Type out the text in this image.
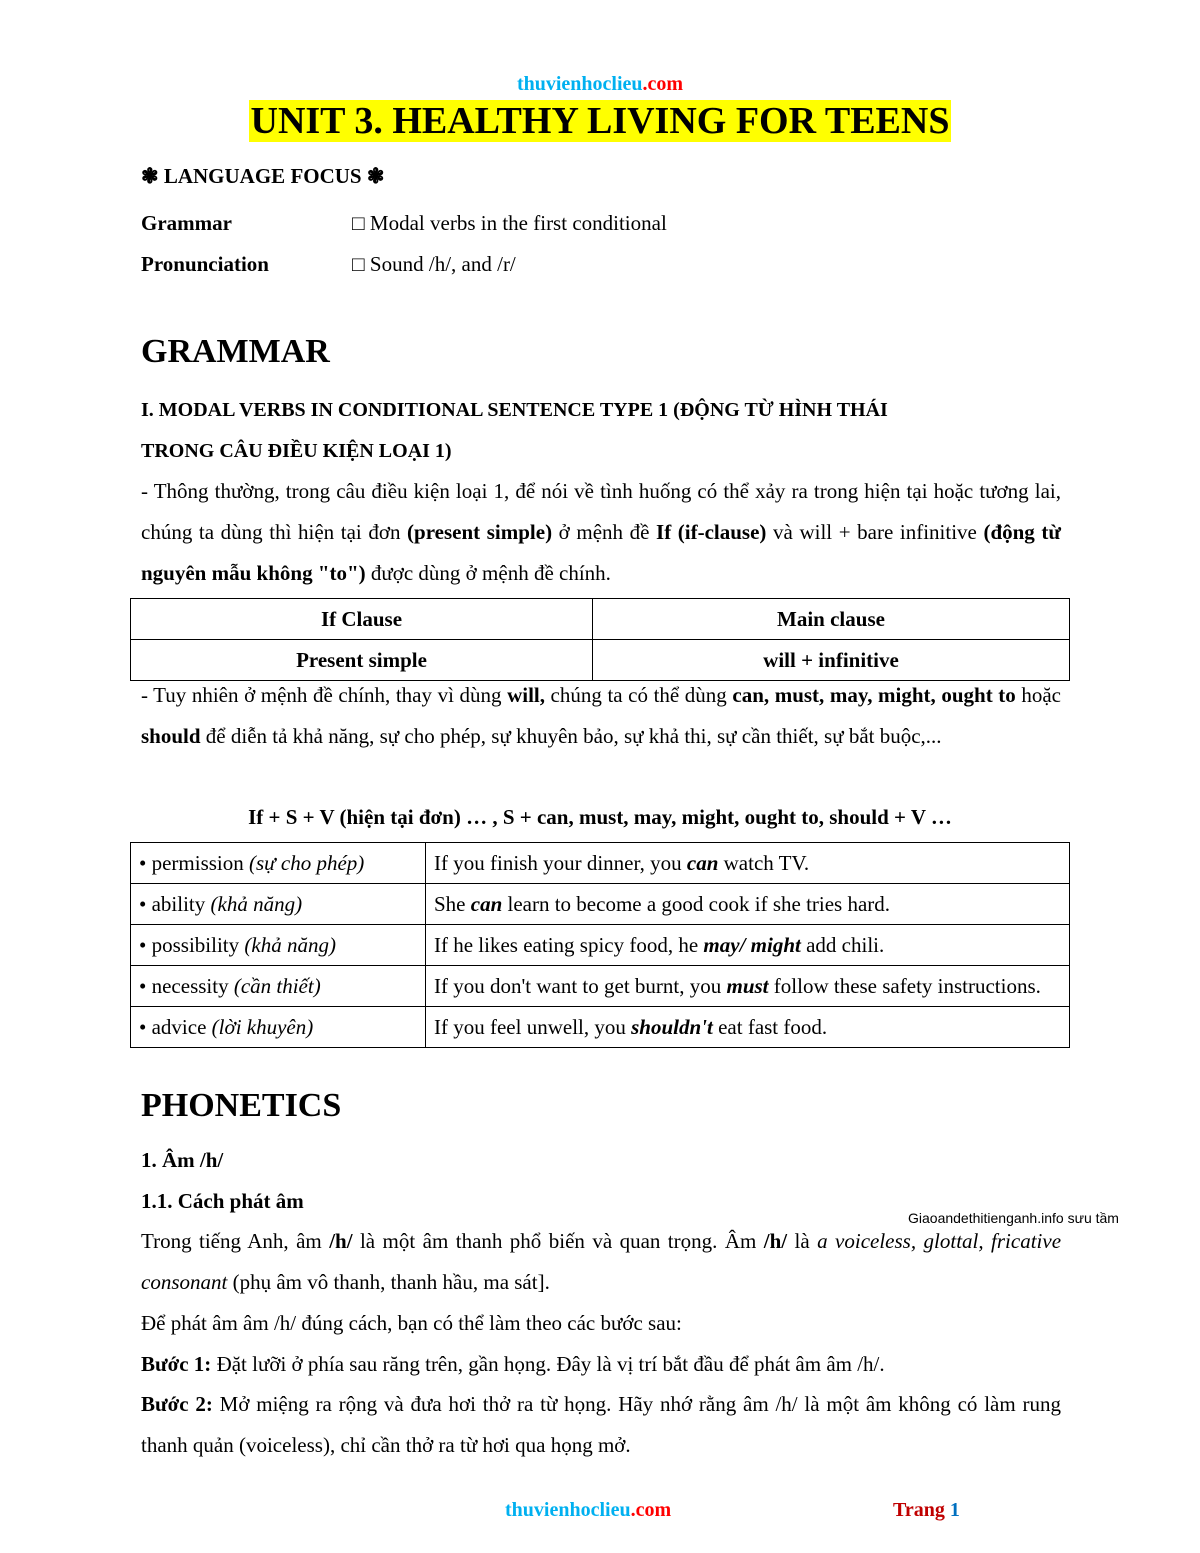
thuvienhoclieu.com
UNIT 3. HEALTHY LIVING FOR TEENS
❃ LANGUAGE FOCUS ❃
Grammar	□ Modal verbs in the first conditional
Pronunciation	□ Sound /h/, and /r/
GRAMMAR
I. MODAL VERBS IN CONDITIONAL SENTENCE TYPE 1 (ĐỘNG TỪ HÌNH THÁI
TRONG CÂU ĐIỀU KIỆN LOẠI 1)
- Thông thường, trong câu điều kiện loại 1, để nói về tình huống có thể xảy ra trong hiện tại hoặc tương lai, chúng ta dùng thì hiện tại đơn (present simple) ở mệnh đề If (if-clause) và will + bare infinitive (động từ nguyên mẫu không "to") được dùng ở mệnh đề chính.
If Clause	Main clause
Present simple	will + infinitive
- Tuy nhiên ở mệnh đề chính, thay vì dùng will, chúng ta có thể dùng can, must, may, might, ought to hoặc should để diễn tả khả năng, sự cho phép, sự khuyên bảo, sự khả thi, sự cần thiết, sự bắt buộc,...
If + S + V (hiện tại đơn) … , S + can, must, may, might, ought to, should + V …
• permission (sự cho phép)	If you finish your dinner, you can watch TV.
• ability (khả năng)	She can learn to become a good cook if she tries hard.
• possibility (khả năng)	If he likes eating spicy food, he may/ might add chili.
• necessity (cần thiết)	If you don't want to get burnt, you must follow these safety instructions.
• advice (lời khuyên)	If you feel unwell, you shouldn't eat fast food.
PHONETICS
1. Âm /h/
1.1. Cách phát âm
Giaoandethitienganh.info sưu tầm
Trong tiếng Anh, âm /h/ là một âm thanh phổ biến và quan trọng. Âm /h/ là a voiceless, glottal, fricative consonant (phụ âm vô thanh, thanh hầu, ma sát].
Để phát âm âm /h/ đúng cách, bạn có thể làm theo các bước sau:
Bước 1: Đặt lưỡi ở phía sau răng trên, gần họng. Đây là vị trí bắt đầu để phát âm âm /h/.
Bước 2: Mở miệng ra rộng và đưa hơi thở ra từ họng. Hãy nhớ rằng âm /h/ là một âm không có làm rung thanh quản (voiceless), chỉ cần thở ra từ hơi qua họng mở.
thuvienhoclieu.com	Trang 1
